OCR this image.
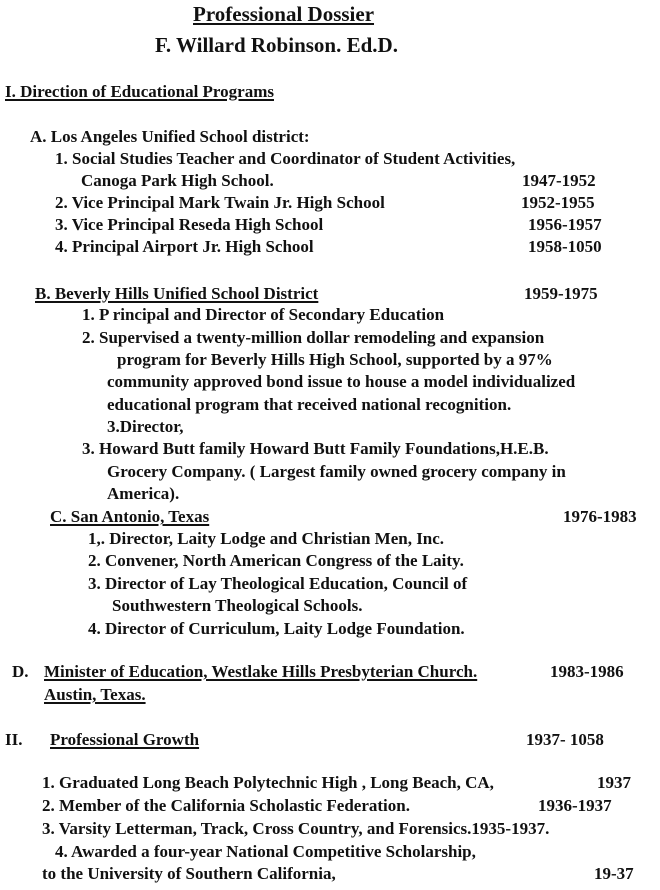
Professional Dossier
F. Willard Robinson. Ed.D.
I. Direction of Educational Programs
A. Los Angeles Unified School district:
1. Social Studies Teacher and Coordinator of Student Activities,
Canoga Park High School.	1947-1952
2. Vice Principal Mark Twain Jr. High School	1952-1955
3. Vice Principal Reseda High School	1956-1957
4. Principal Airport Jr. High School	1958-1050
B. Beverly Hills Unified School District	1959-1975
1. P rincipal and Director of Secondary Education
2. Supervised a twenty-million dollar remodeling and expansion
program for Beverly Hills High School, supported by a 97%
community approved bond issue to house a model individualized
educational program that received national recognition.
3.Director,
3. Howard Butt family Howard Butt Family Foundations,H.E.B.
Grocery Company. ( Largest family owned grocery company in
America).
C. San Antonio, Texas	1976-1983
1,. Director, Laity Lodge and Christian Men, Inc.
2. Convener, North American Congress of the Laity.
3. Director of Lay Theological Education, Council of
Southwestern Theological Schools.
4. Director of Curriculum, Laity Lodge Foundation.
D. Minister of Education, Westlake Hills Presbyterian Church.	1983-1986
Austin, Texas.
II. Professional Growth	1937- 1058
1. Graduated Long Beach Polytechnic High , Long Beach, CA,	1937
2. Member of the California Scholastic Federation.	1936-1937
3. Varsity Letterman, Track, Cross Country, and Forensics.1935-1937.
4. Awarded a four-year National Competitive Scholarship,
to the University of Southern California,	19-37
